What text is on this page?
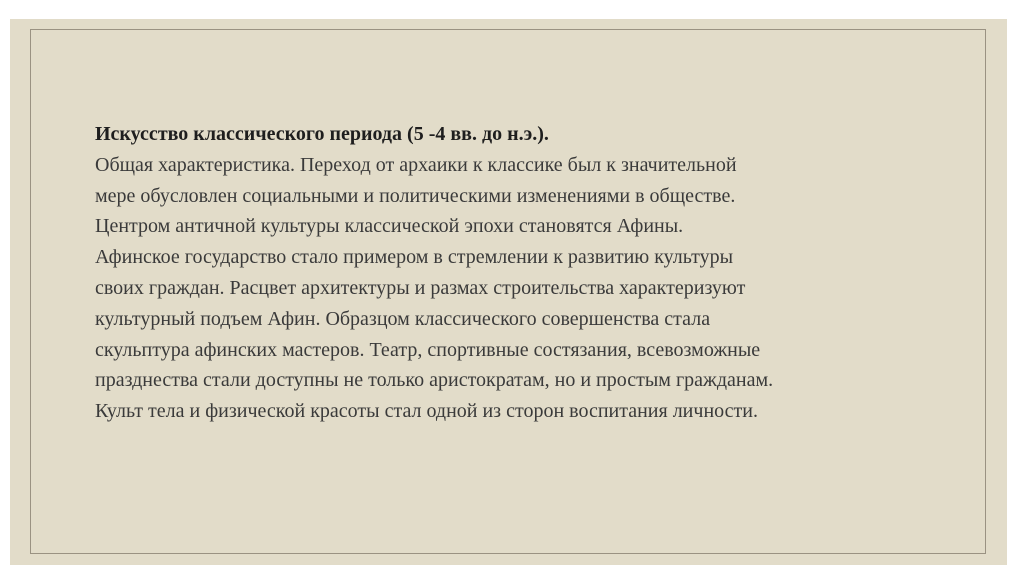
Искусство классического периода (5 -4 вв. до н.э.).
Общая характеристика. Переход от архаики к классике был к значительной
мере обусловлен социальными и политическими изменениями в обществе.
Центром античной культуры классической эпохи становятся Афины.
Афинское государство стало примером в стремлении к развитию культуры
своих граждан. Расцвет архитектуры и размах строительства характеризуют
культурный подъем Афин. Образцом классического совершенства стала
скульптура афинских мастеров. Театр, спортивные состязания, всевозможные
празднества стали доступны не только аристократам, но и простым гражданам.
Культ тела и физической красоты стал одной из сторон воспитания личности.
